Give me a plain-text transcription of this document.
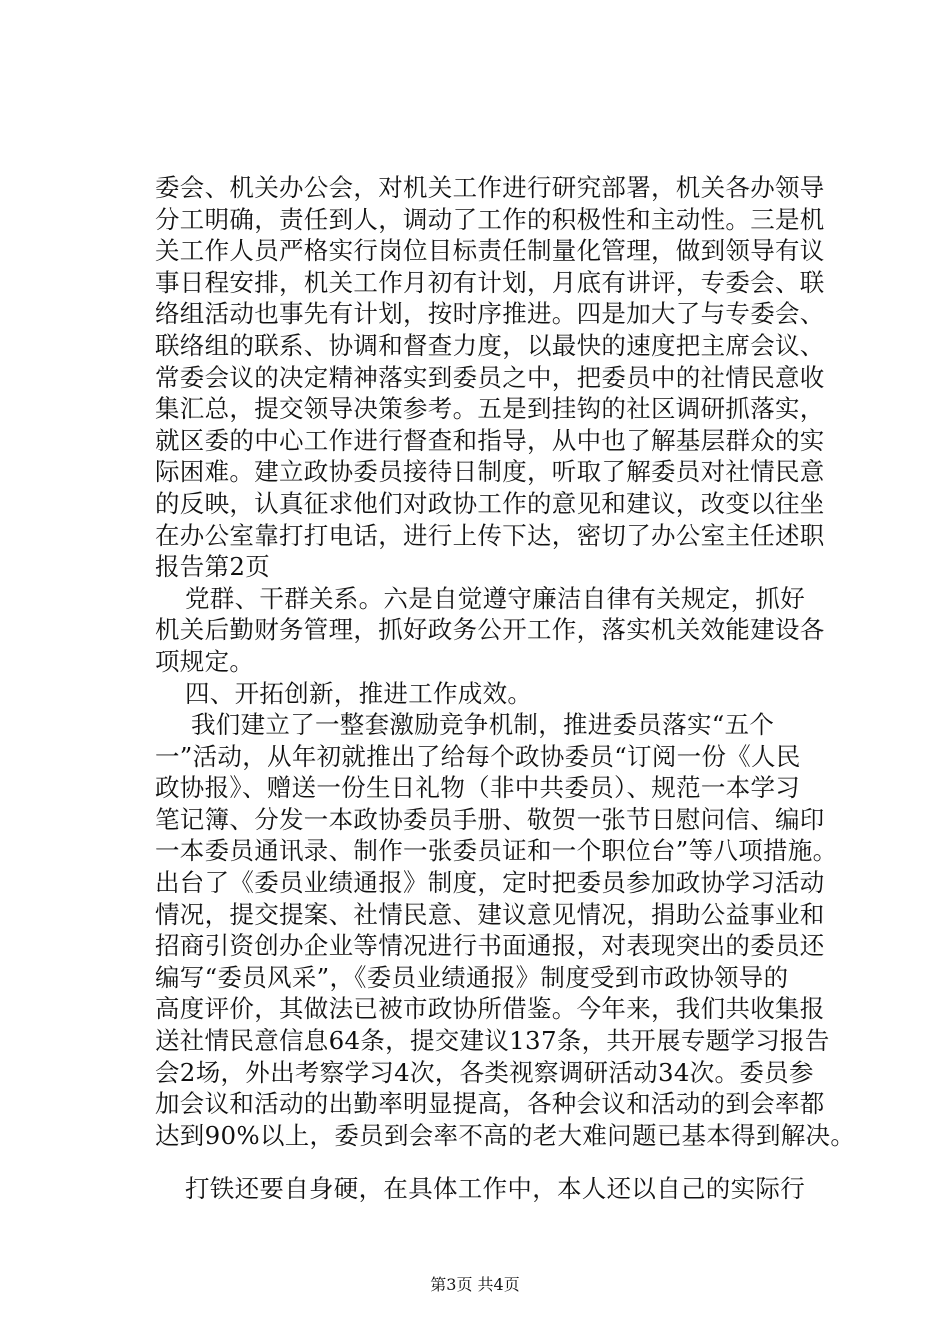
委会、机关办公会，对机关工作进行研究部署，机关各办领导
分工明确，责任到人，调动了工作的积极性和主动性。三是机
关工作人员严格实行岗位目标责任制量化管理，做到领导有议
事日程安排，机关工作月初有计划，月底有讲评，专委会、联
络组活动也事先有计划，按时序推进。四是加大了与专委会、
联络组的联系、协调和督查力度，以最快的速度把主席会议、
常委会议的决定精神落实到委员之中，把委员中的社情民意收
集汇总，提交领导决策参考。五是到挂钩的社区调研抓落实，
就区委的中心工作进行督查和指导，从中也了解基层群众的实
际困难。建立政协委员接待日制度，听取了解委员对社情民意
的反映，认真征求他们对政协工作的意见和建议，改变以往坐
在办公室靠打打电话，进行上传下达，密切了办公室主任述职
报告第2页
党群、干群关系。六是自觉遵守廉洁自律有关规定，抓好
机关后勤财务管理，抓好政务公开工作，落实机关效能建设各
项规定。
四、开拓创新，推进工作成效。
我们建立了一整套激励竞争机制，推进委员落实“五个
一”活动，从年初就推出了给每个政协委员“订阅一份《人民
政协报》、赠送一份生日礼物（非中共委员）、规范一本学习
笔记簿、分发一本政协委员手册、敬贺一张节日慰问信、编印
一本委员通讯录、制作一张委员证和一个职位台”等八项措施。
出台了《委员业绩通报》制度，定时把委员参加政协学习活动
情况，提交提案、社情民意、建议意见情况，捐助公益事业和
招商引资创办企业等情况进行书面通报，对表现突出的委员还
编写“委员风采”，《委员业绩通报》制度受到市政协领导的
高度评价，其做法已被市政协所借鉴。今年来，我们共收集报
送社情民意信息64条，提交建议137条，共开展专题学习报告
会2场，外出考察学习4次，各类视察调研活动34次。委员参
加会议和活动的出勤率明显提高，各种会议和活动的到会率都
达到90%以上，委员到会率不高的老大难问题已基本得到解决。
打铁还要自身硬，在具体工作中，本人还以自己的实际行
第3页 共4页
